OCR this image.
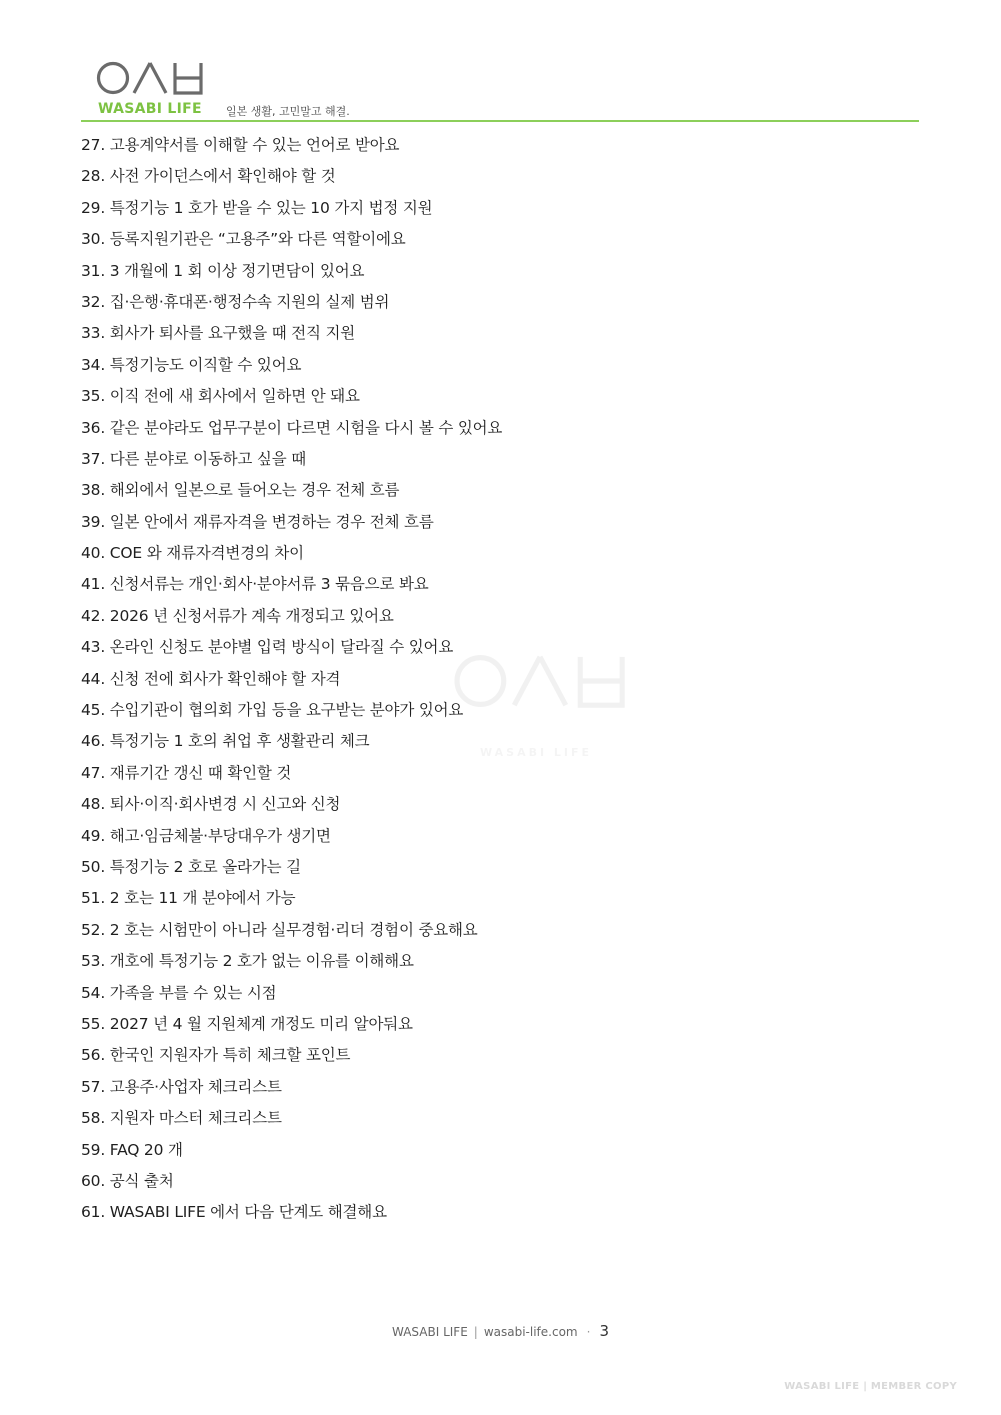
WASABI LIFE 일본 생활, 고민말고 해결.
27. 고용계약서를 이해할 수 있는 언어로 받아요
28. 사전 가이던스에서 확인해야 할 것
29. 특정기능 1 호가 받을 수 있는 10 가지 법정 지원
30. 등록지원기관은 “고용주”와 다른 역할이에요
31. 3 개월에 1 회 이상 정기면담이 있어요
32. 집·은행·휴대폰·행정수속 지원의 실제 범위
33. 회사가 퇴사를 요구했을 때 전직 지원
34. 특정기능도 이직할 수 있어요
35. 이직 전에 새 회사에서 일하면 안 돼요
36. 같은 분야라도 업무구분이 다르면 시험을 다시 볼 수 있어요
37. 다른 분야로 이동하고 싶을 때
38. 해외에서 일본으로 들어오는 경우 전체 흐름
39. 일본 안에서 재류자격을 변경하는 경우 전체 흐름
40. COE 와 재류자격변경의 차이
41. 신청서류는 개인·회사·분야서류 3 묶음으로 봐요
42. 2026 년 신청서류가 계속 개정되고 있어요
43. 온라인 신청도 분야별 입력 방식이 달라질 수 있어요
44. 신청 전에 회사가 확인해야 할 자격
45. 수입기관이 협의회 가입 등을 요구받는 분야가 있어요
46. 특정기능 1 호의 취업 후 생활관리 체크
47. 재류기간 갱신 때 확인할 것
48. 퇴사·이직·회사변경 시 신고와 신청
49. 해고·임금체불·부당대우가 생기면
50. 특정기능 2 호로 올라가는 길
51. 2 호는 11 개 분야에서 가능
52. 2 호는 시험만이 아니라 실무경험·리더 경험이 중요해요
53. 개호에 특정기능 2 호가 없는 이유를 이해해요
54. 가족을 부를 수 있는 시점
55. 2027 년 4 월 지원체계 개정도 미리 알아둬요
56. 한국인 지원자가 특히 체크할 포인트
57. 고용주·사업자 체크리스트
58. 지원자 마스터 체크리스트
59. FAQ 20 개
60. 공식 출처
61. WASABI LIFE 에서 다음 단계도 해결해요
WASABI LIFE | wasabi-life.com · 3
WASABI LIFE | MEMBER COPY
